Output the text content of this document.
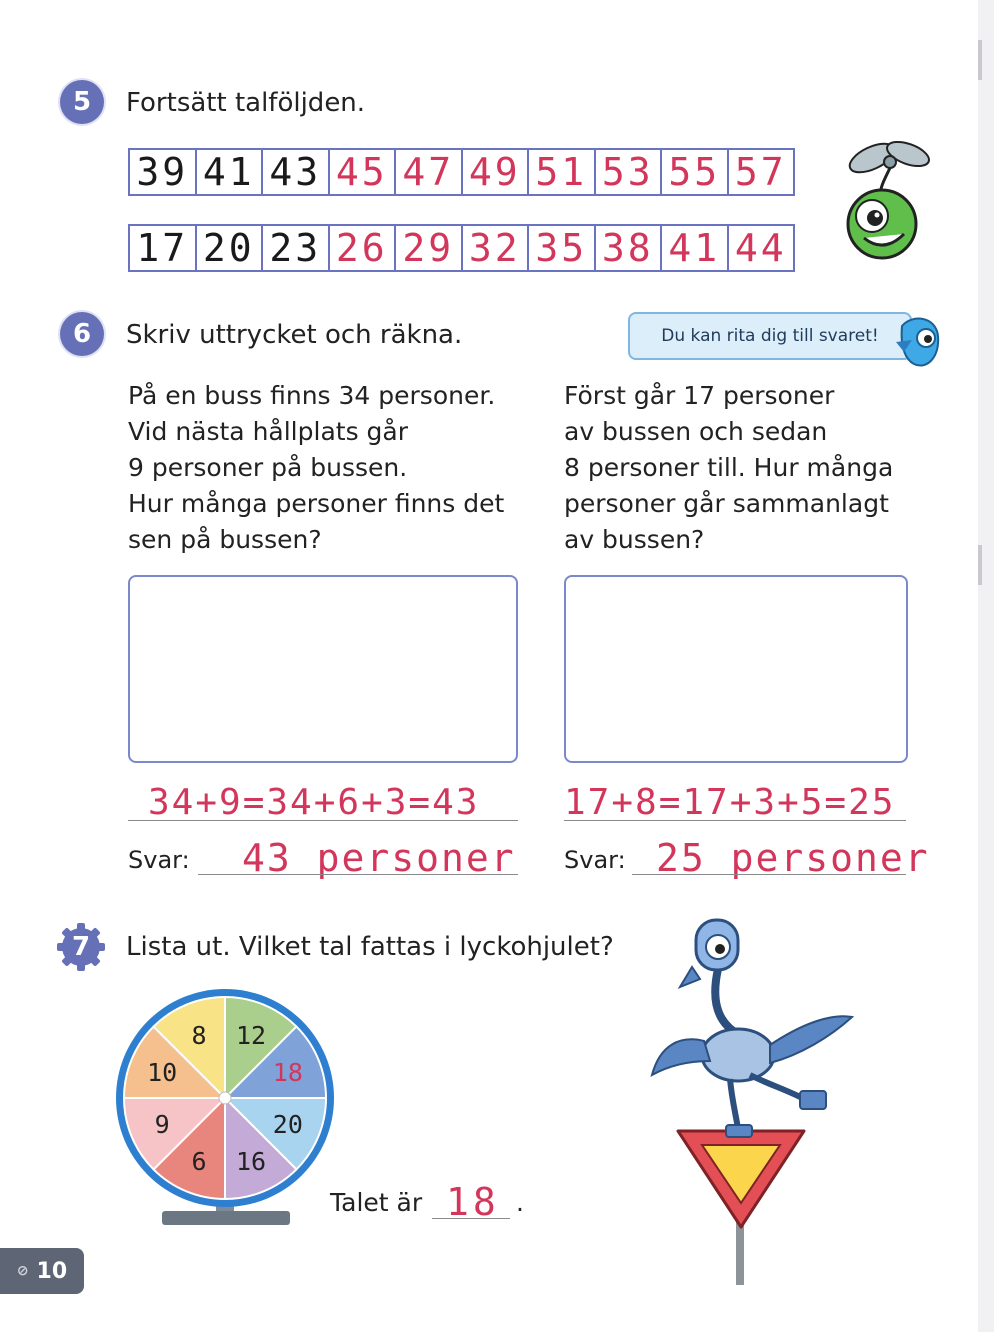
5 Fortsätt talföljden.
39 41 43 45 47 49 51 53 55 57
17 20 23 26 29 32 35 38 41 44
6 Skriv uttrycket och räkna.	Du kan rita dig till svaret!
På en buss finns 34 personer.
Vid nästa hållplats går
9 personer på bussen.
Hur många personer finns det
sen på bussen?
Först går 17 personer
av bussen och sedan
8 personer till. Hur många
personer går sammanlagt
av bussen?
34+9=34+6+3=43 17+8=17+3+5=25
Svar: 43 personer Svar: 25 personer
7 Lista ut. Vilket tal fattas i lyckohjulet?
12
18
20
16
6
9
10
8
Talet är 18 .
⊘ 10
